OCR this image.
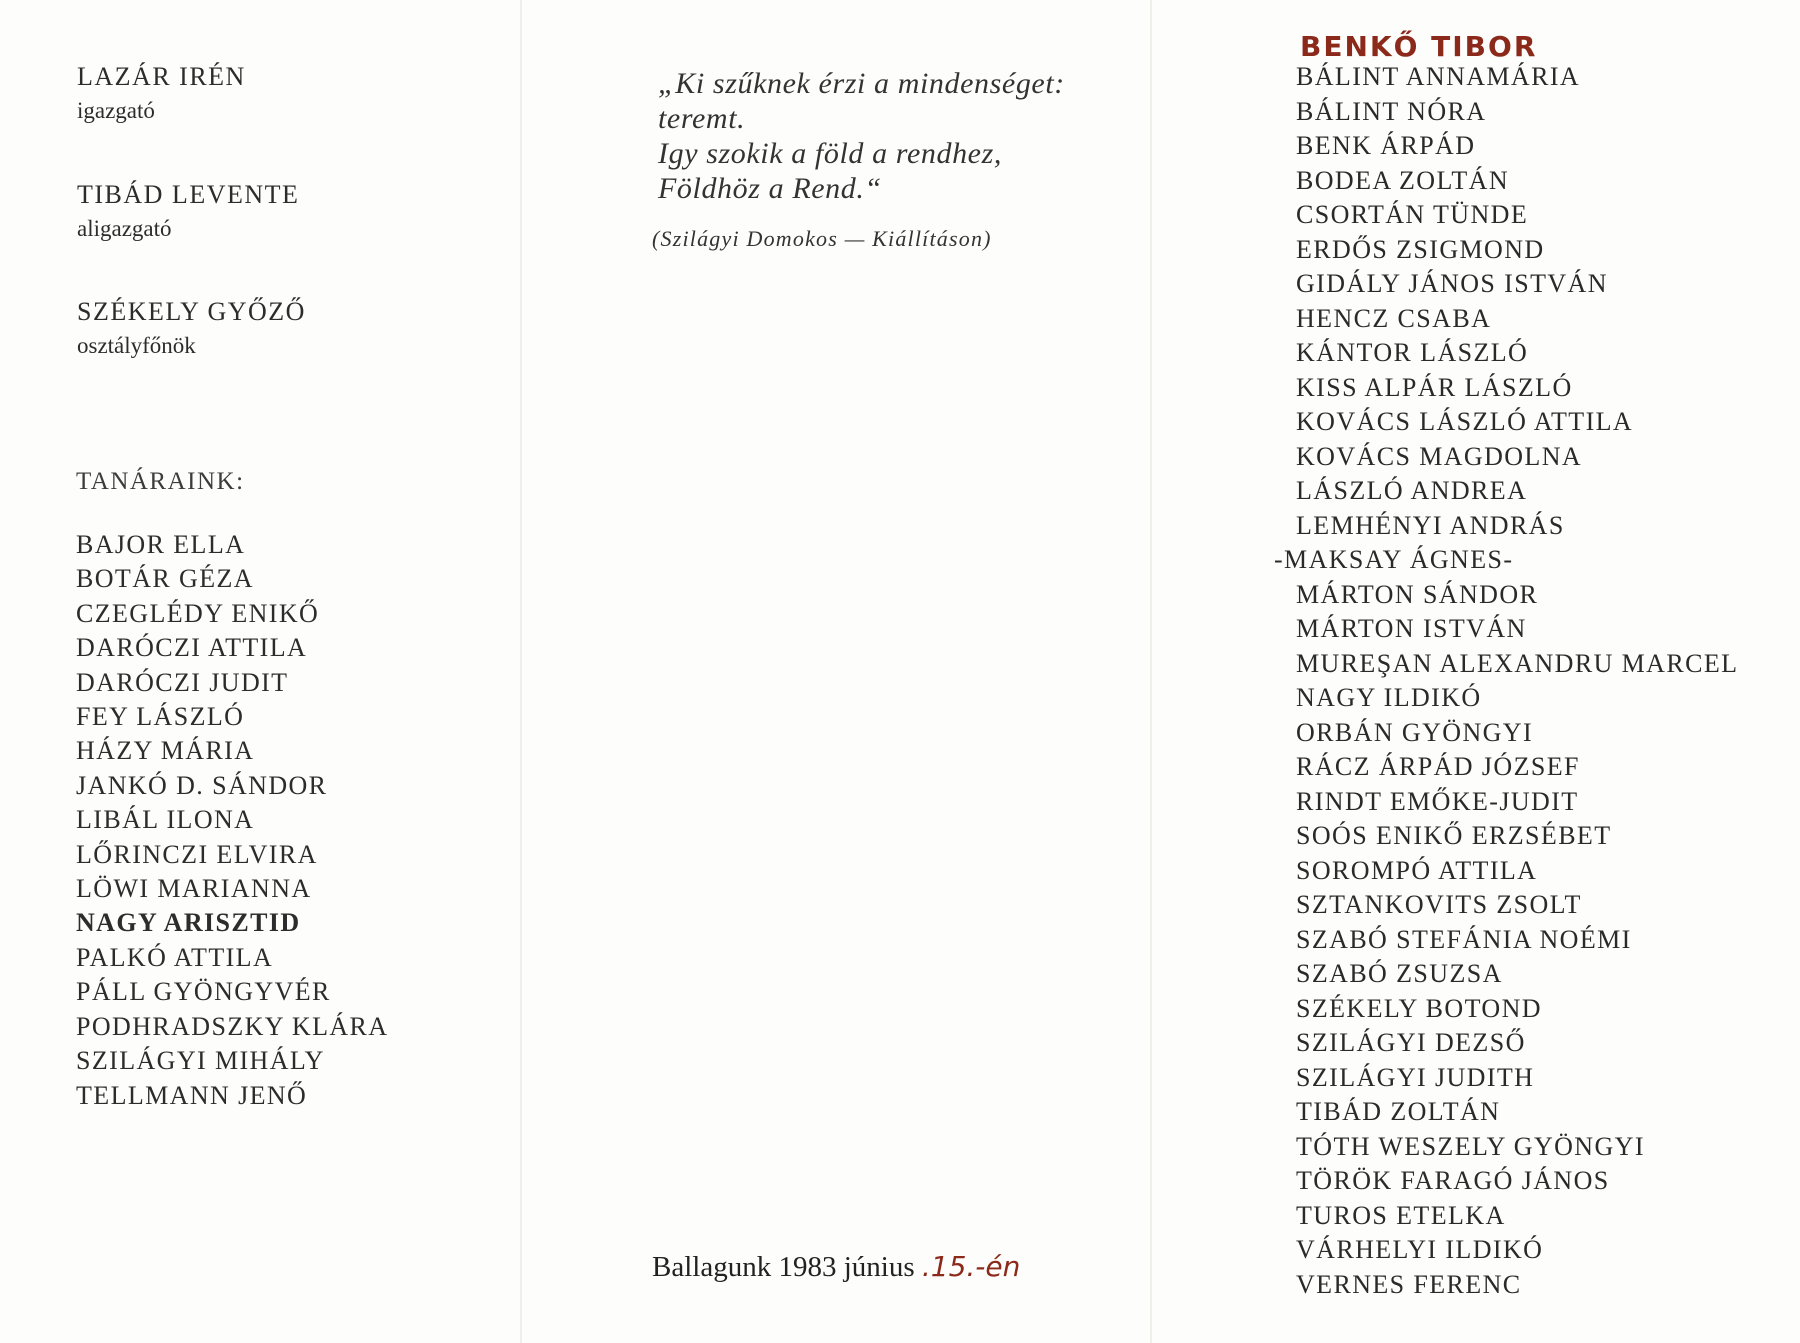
LAZÁR IRÉN
igazgató
TIBÁD LEVENTE
aligazgató
SZÉKELY GYŐZŐ
osztályfőnök
TANÁRAINK:
BAJOR ELLA
BOTÁR GÉZA
CZEGLÉDY ENIKŐ
DARÓCZI ATTILA
DARÓCZI JUDIT
FEY LÁSZLÓ
HÁZY MÁRIA
JANKÓ D. SÁNDOR
LIBÁL ILONA
LŐRINCZI ELVIRA
LÖWI MARIANNA
NAGY ARISZTID
PALKÓ ATTILA
PÁLL GYÖNGYVÉR
PODHRADSZKY KLÁRA
SZILÁGYI MIHÁLY
TELLMANN JENŐ
„Ki szűknek érzi a mindenséget:
teremt.
Igy szokik a föld a rendhez,
Földhöz a Rend.“
(Szilágyi Domokos — Kiállításon)
Ballagunk 1983 június .15.-én
BENKŐ TIBOR
BÁLINT ANNAMÁRIA
BÁLINT NÓRA
BENK ÁRPÁD
BODEA ZOLTÁN
CSORTÁN TÜNDE
ERDŐS ZSIGMOND
GIDÁLY JÁNOS ISTVÁN
HENCZ CSABA
KÁNTOR LÁSZLÓ
KISS ALPÁR LÁSZLÓ
KOVÁCS LÁSZLÓ ATTILA
KOVÁCS MAGDOLNA
LÁSZLÓ ANDREA
LEMHÉNYI ANDRÁS
-MAKSAY ÁGNES-
MÁRTON SÁNDOR
MÁRTON ISTVÁN
MUREŞAN ALEXANDRU MARCEL
NAGY ILDIKÓ
ORBÁN GYÖNGYI
RÁCZ ÁRPÁD JÓZSEF
RINDT EMŐKE-JUDIT
SOÓS ENIKŐ ERZSÉBET
SOROMPÓ ATTILA
SZTANKOVITS ZSOLT
SZABÓ STEFÁNIA NOÉMI
SZABÓ ZSUZSA
SZÉKELY BOTOND
SZILÁGYI DEZSŐ
SZILÁGYI JUDITH
TIBÁD ZOLTÁN
TÓTH WESZELY GYÖNGYI
TÖRÖK FARAGÓ JÁNOS
TUROS ETELKA
VÁRHELYI ILDIKÓ
VERNES FERENC
